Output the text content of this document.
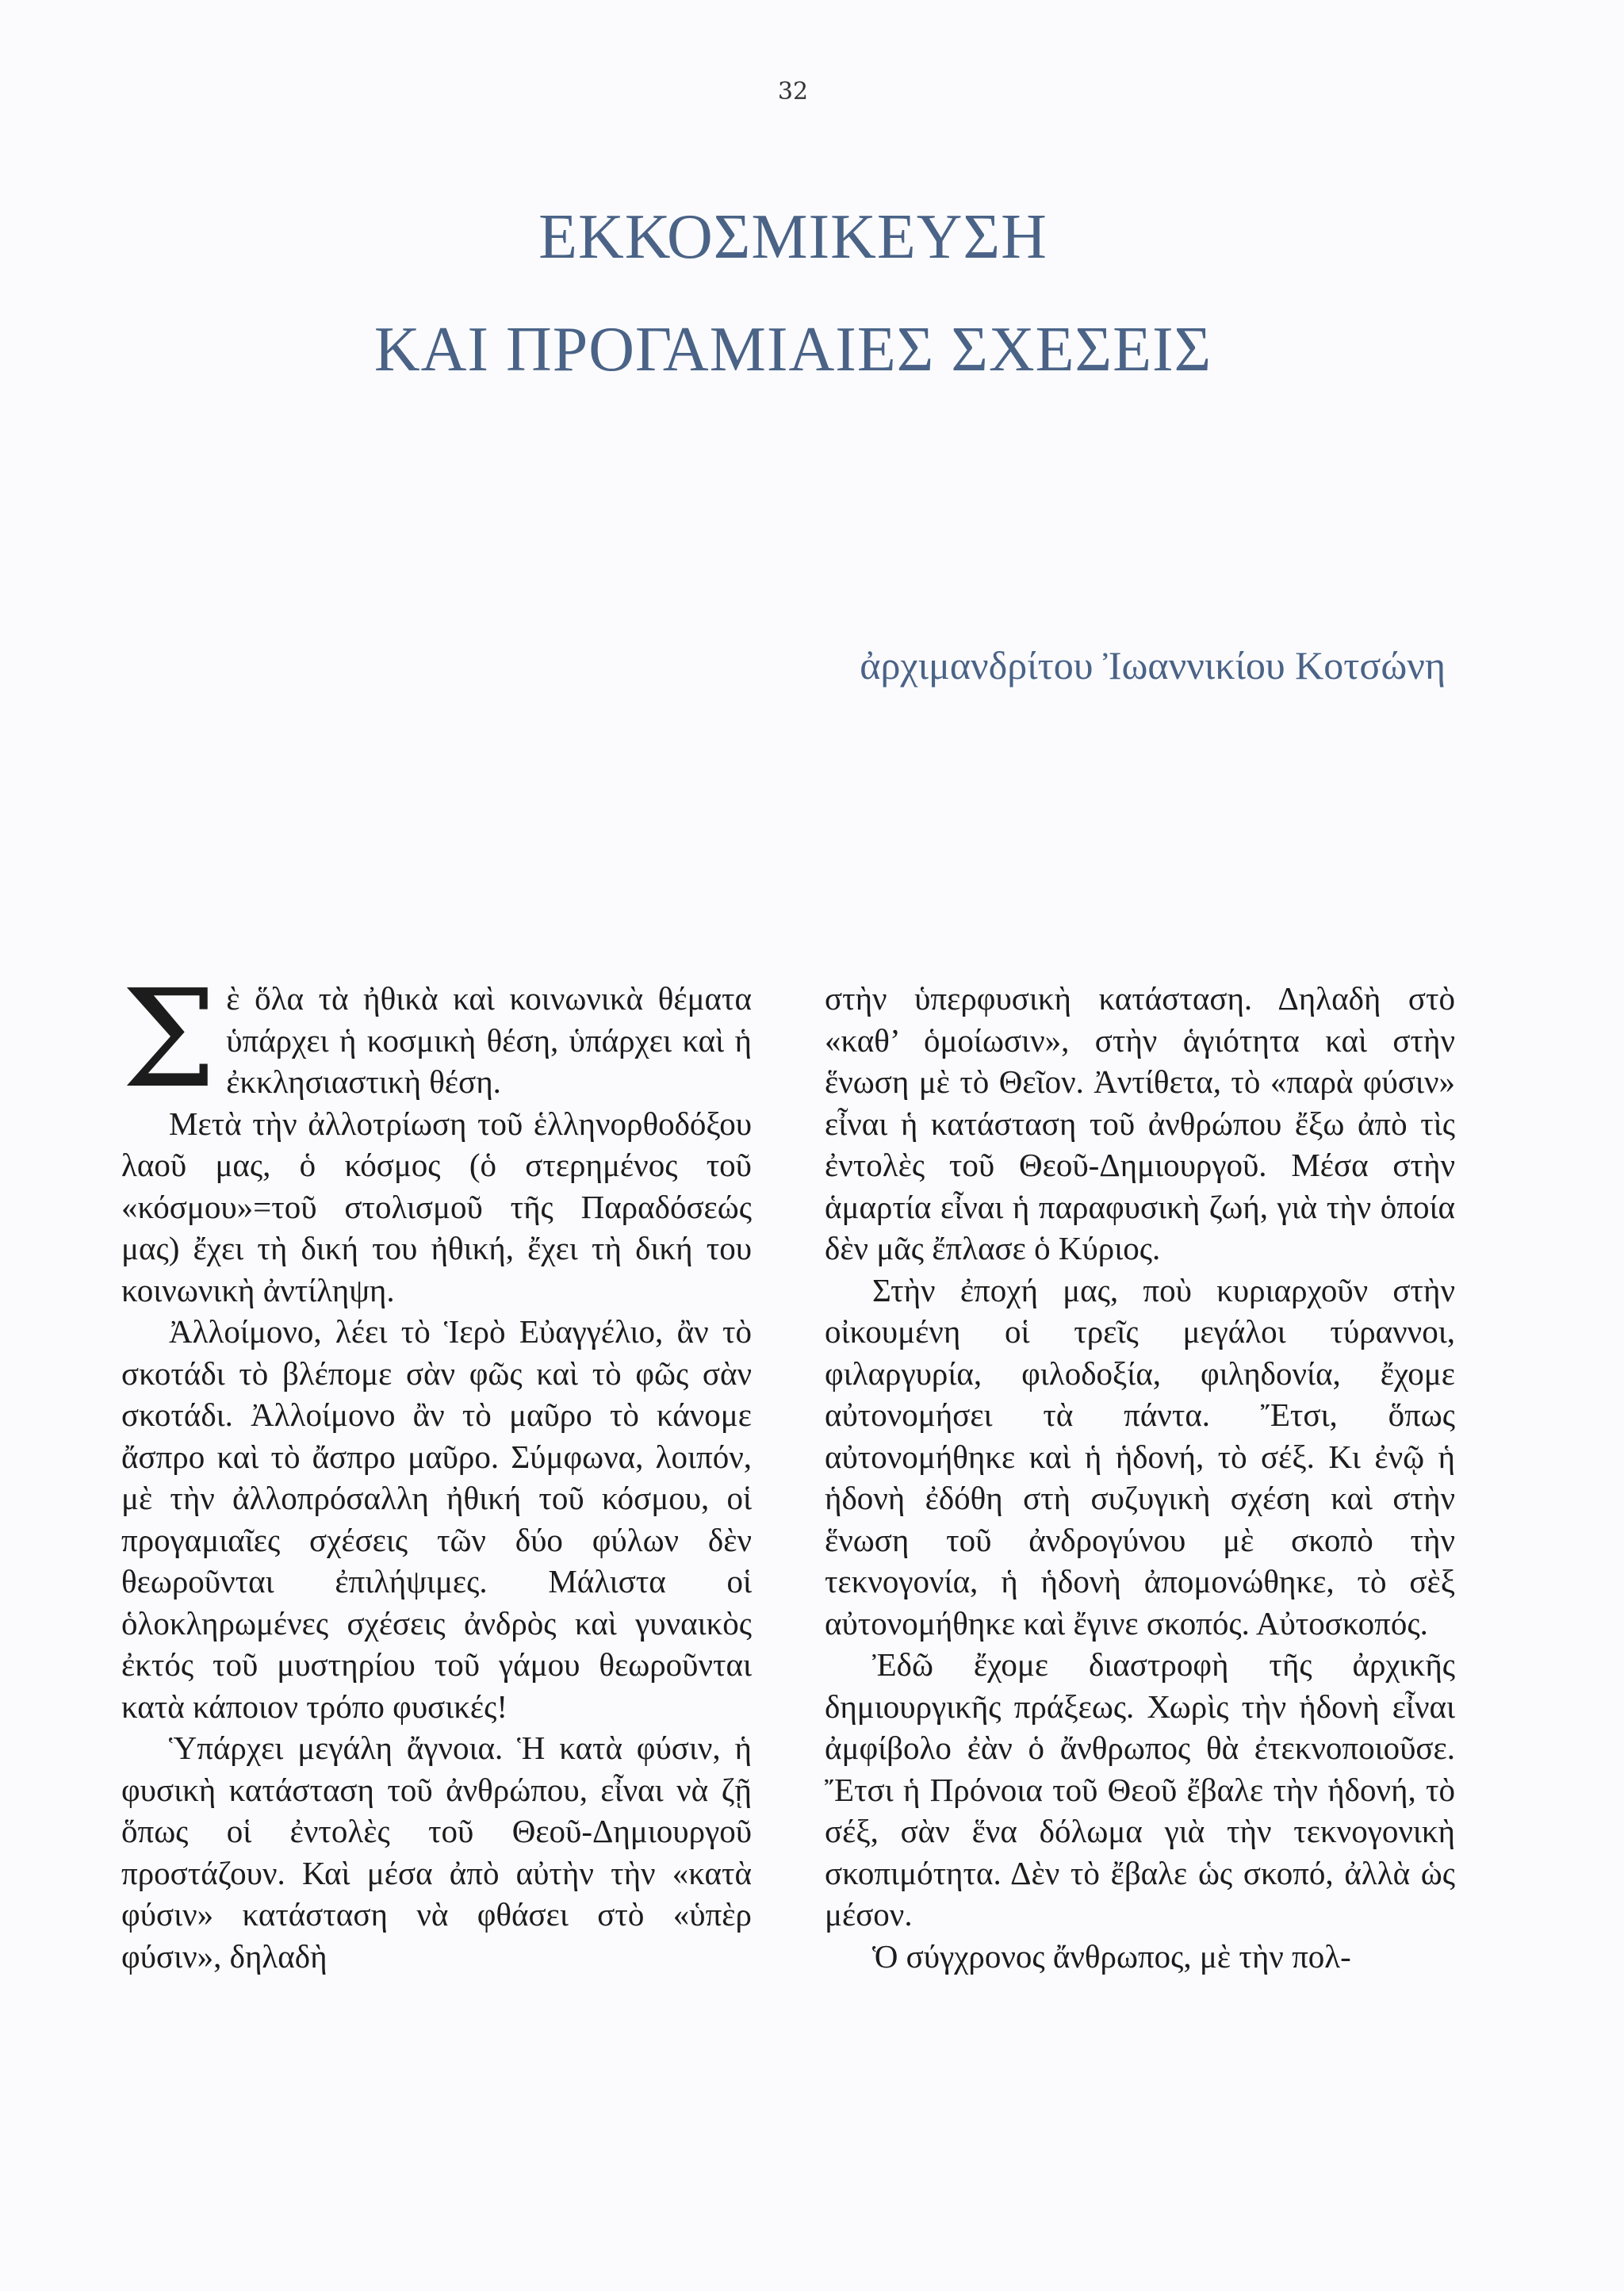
32
ΕΚΚΟΣΜΙΚΕΥΣΗ
ΚΑΙ ΠΡΟΓΑΜΙΑΙΕΣ ΣΧΕΣΕΙΣ
ἀρχιμανδρίτου Ἰωαννικίου Κοτσώνη

Σὲ ὅλα τὰ ἠθικὰ καὶ κοινωνικὰ θέματα ὑπάρχει ἡ κοσμικὴ θέση, ὑπάρχει καὶ ἡ ἐκκλησιαστικὴ θέση.

Μετὰ τὴν ἀλλοτρίωση τοῦ ἑλληνορθοδόξου λαοῦ μας, ὁ κόσμος (ὁ στερημένος τοῦ «κόσμου»=τοῦ στολισμοῦ τῆς Παραδόσεώς μας) ἔχει τὴ δική του ἠθική, ἔχει τὴ δική του κοινωνικὴ ἀντίληψη.

Ἀλλοίμονο, λέει τὸ Ἱερὸ Εὐαγγέλιο, ἂν τὸ σκοτάδι τὸ βλέπομε σὰν φῶς καὶ τὸ φῶς σὰν σκοτάδι. Ἀλλοίμονο ἂν τὸ μαῦρο τὸ κάνομε ἄσπρο καὶ τὸ ἄσπρο μαῦρο. Σύμφωνα, λοιπόν, μὲ τὴν ἀλλοπρόσαλλη ἠθική τοῦ κόσμου, οἱ προγαμιαῖες σχέσεις τῶν δύο φύλων δὲν θεωροῦνται ἐπιλήψιμες. Μάλιστα οἱ ὁλοκληρωμένες σχέσεις ἀνδρὸς καὶ γυναικὸς ἐκτός τοῦ μυστηρίου τοῦ γάμου θεωροῦνται κατὰ κάποιον τρόπο φυσικές!

Ὑπάρχει μεγάλη ἄγνοια. Ἡ κατὰ φύσιν, ἡ φυσικὴ κατάσταση τοῦ ἀνθρώπου, εἶναι νὰ ζῇ ὅπως οἱ ἐντολὲς τοῦ Θεοῦ-Δημιουργοῦ προστάζουν. Καὶ μέσα ἀπὸ αὐτὴν τὴν «κατὰ φύσιν» κατάσταση νὰ φθάσει στὸ «ὑπὲρ φύσιν», δηλαδὴ

στὴν ὑπερφυσικὴ κατάσταση. Δηλαδὴ στὸ «καθ’ ὁμοίωσιν», στὴν ἁγιότητα καὶ στὴν ἕνωση μὲ τὸ Θεῖον. Ἀντίθετα, τὸ «παρὰ φύσιν» εἶναι ἡ κατάσταση τοῦ ἀνθρώπου ἔξω ἀπὸ τὶς ἐντολὲς τοῦ Θεοῦ-Δημιουργοῦ. Μέσα στὴν ἁμαρτία εἶναι ἡ παραφυσικὴ ζωή, γιὰ τὴν ὁποία δὲν μᾶς ἔπλασε ὁ Κύριος.

Στὴν ἐποχή μας, ποὺ κυριαρχοῦν στὴν οἰκουμένη οἱ τρεῖς μεγάλοι τύραννοι, φιλαργυρία, φιλοδοξία, φιληδονία, ἔχομε αὐτονομήσει τὰ πάντα. Ἔτσι, ὅπως αὐτονομήθηκε καὶ ἡ ἡδονή, τὸ σέξ. Κι ἐνῷ ἡ ἡδονὴ ἐδόθη στὴ συζυγικὴ σχέση καὶ στὴν ἕνωση τοῦ ἀνδρογύνου μὲ σκοπὸ τὴν τεκνογονία, ἡ ἡδονὴ ἀπομονώθηκε, τὸ σὲξ αὐτονομήθηκε καὶ ἔγινε σκοπός. Αὐτοσκοπός.

Ἐδῶ ἔχομε διαστροφὴ τῆς ἀρχικῆς δημιουργικῆς πράξεως. Χωρὶς τὴν ἡδονὴ εἶναι ἀμφίβολο ἐὰν ὁ ἄνθρωπος θὰ ἐτεκνοποιοῦσε. Ἔτσι ἡ Πρόνοια τοῦ Θεοῦ ἔβαλε τὴν ἡδονή, τὸ σέξ, σὰν ἕνα δόλωμα γιὰ τὴν τεκνογονικὴ σκοπιμότητα. Δὲν τὸ ἔβαλε ὡς σκοπό, ἀλλὰ ὡς μέσον.

Ὁ σύγχρονος ἄνθρωπος, μὲ τὴν πολ-
